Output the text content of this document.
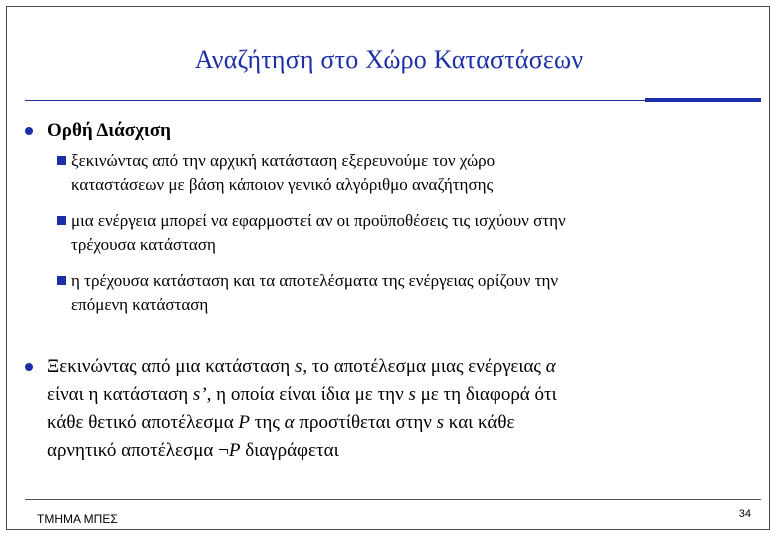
Αναζήτηση στο Χώρο Καταστάσεων
Ορθή Διάσχιση
ξεκινώντας από την αρχική κατάσταση εξερευνούμε τον χώρο
καταστάσεων με βάση κάποιον γενικό αλγόριθμο αναζήτησης
μια ενέργεια μπορεί να εφαρμοστεί αν οι προϋποθέσεις τις ισχύουν στην
τρέχουσα κατάσταση
η τρέχουσα κατάσταση και τα αποτελέσματα της ενέργειας ορίζουν την
επόμενη κατάσταση
Ξεκινώντας από μια κατάσταση s, το αποτέλεσμα μιας ενέργειας α
είναι η κατάσταση s’, η οποία είναι ίδια με την s με τη διαφορά ότι
κάθε θετικό αποτέλεσμα P της α προστίθεται στην s και κάθε
αρνητικό αποτέλεσμα ¬P διαγράφεται
ΤΜΗΜΑ ΜΠΕΣ	34
